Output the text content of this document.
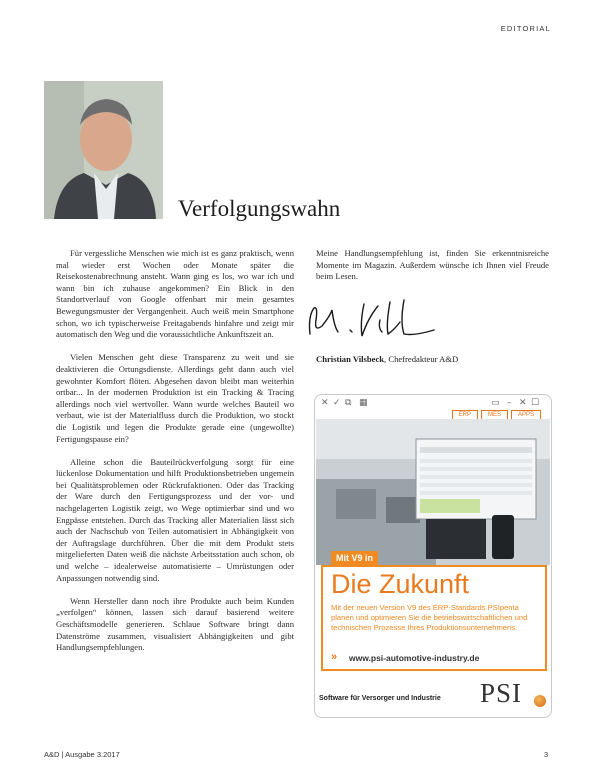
EDITORIAL
Verfolgungswahn

Für vergessliche Menschen wie mich ist es ganz praktisch, wenn mal wieder erst Wochen oder Monate später die Reisekostenabrechnung ansteht. Wann ging es los, wo war ich und wann bin ich zuhause angekommen? Ein Blick in den Standortverlauf von Google offenbart mir mein gesamtes Bewegungsmuster der Vergangenheit. Auch weiß mein Smartphone schon, wo ich typischerweise Freitagabends hinfahre und zeigt mir automatisch den Weg und die voraussichtliche Ankunftszeit an.

Vielen Menschen geht diese Transparenz zu weit und sie deaktivieren die Ortungsdienste. Allerdings geht dann auch viel gewohnter Komfort flöten. Abgesehen davon bleibt man weiterhin ortbar... In der modernen Produktion ist ein Tracking & Tracing allerdings noch viel wertvoller. Wann wurde welches Bauteil wo verbaut, wie ist der Materialfluss durch die Produktion, wo stockt die Logistik und legen die Produkte gerade eine (ungewollte) Fertigungspause ein?

Alleine schon die Bauteilrückverfolgung sorgt für eine lückenlose Dokumentation und hilft Produktionsbetrieben ungemein bei Qualitätsproblemen oder Rückrufaktionen. Oder das Tracking der Ware durch den Fertigungsprozess und der vor- und nachgelagerten Logistik zeigt, wo Wege optimierbar sind und wo Engpässe entstehen. Durch das Tracking aller Materialien lässt sich auch der Nachschub von Teilen automatisiert in Abhängigkeit von der Auftragslage durchführen. Über die mit dem Produkt stets mitgelieferten Daten weiß die nächste Arbeitsstation auch schon, ob und welche – idealerweise automatisierte – Umrüstungen oder Anpassungen notwendig sind.

Wenn Hersteller dann noch ihre Produkte auch beim Kunden „verfolgen“ können, lassen sich darauf basierend weitere Geschäftsmodelle generieren. Schlaue Software bringt dann Datenströme zusammen, visualisiert Abhängigkeiten und gibt Handlungsempfehlungen.

Meine Handlungsempfehlung ist, finden Sie erkenntnisreiche Momente im Magazin. Außerdem wünsche ich Ihnen viel Freude beim Lesen.

Christian Vilsbeck, Chefredakteur A&D
✕ ✓ ⧉ ▦	▭ – ✕ ☐
ERP	MES	APPS
Mit V9 in
Die Zukunft
Mit der neuen Version V9 des ERP-Standards PSIpenta planen und optimieren Sie die betriebswirtschaftlichen und technischen Prozesse Ihres Produktionsunternehmens.
» www.psi-automotive-industry.de
Software für Versorger und Industrie PSI
A&D | Ausgabe 3.2017	3
